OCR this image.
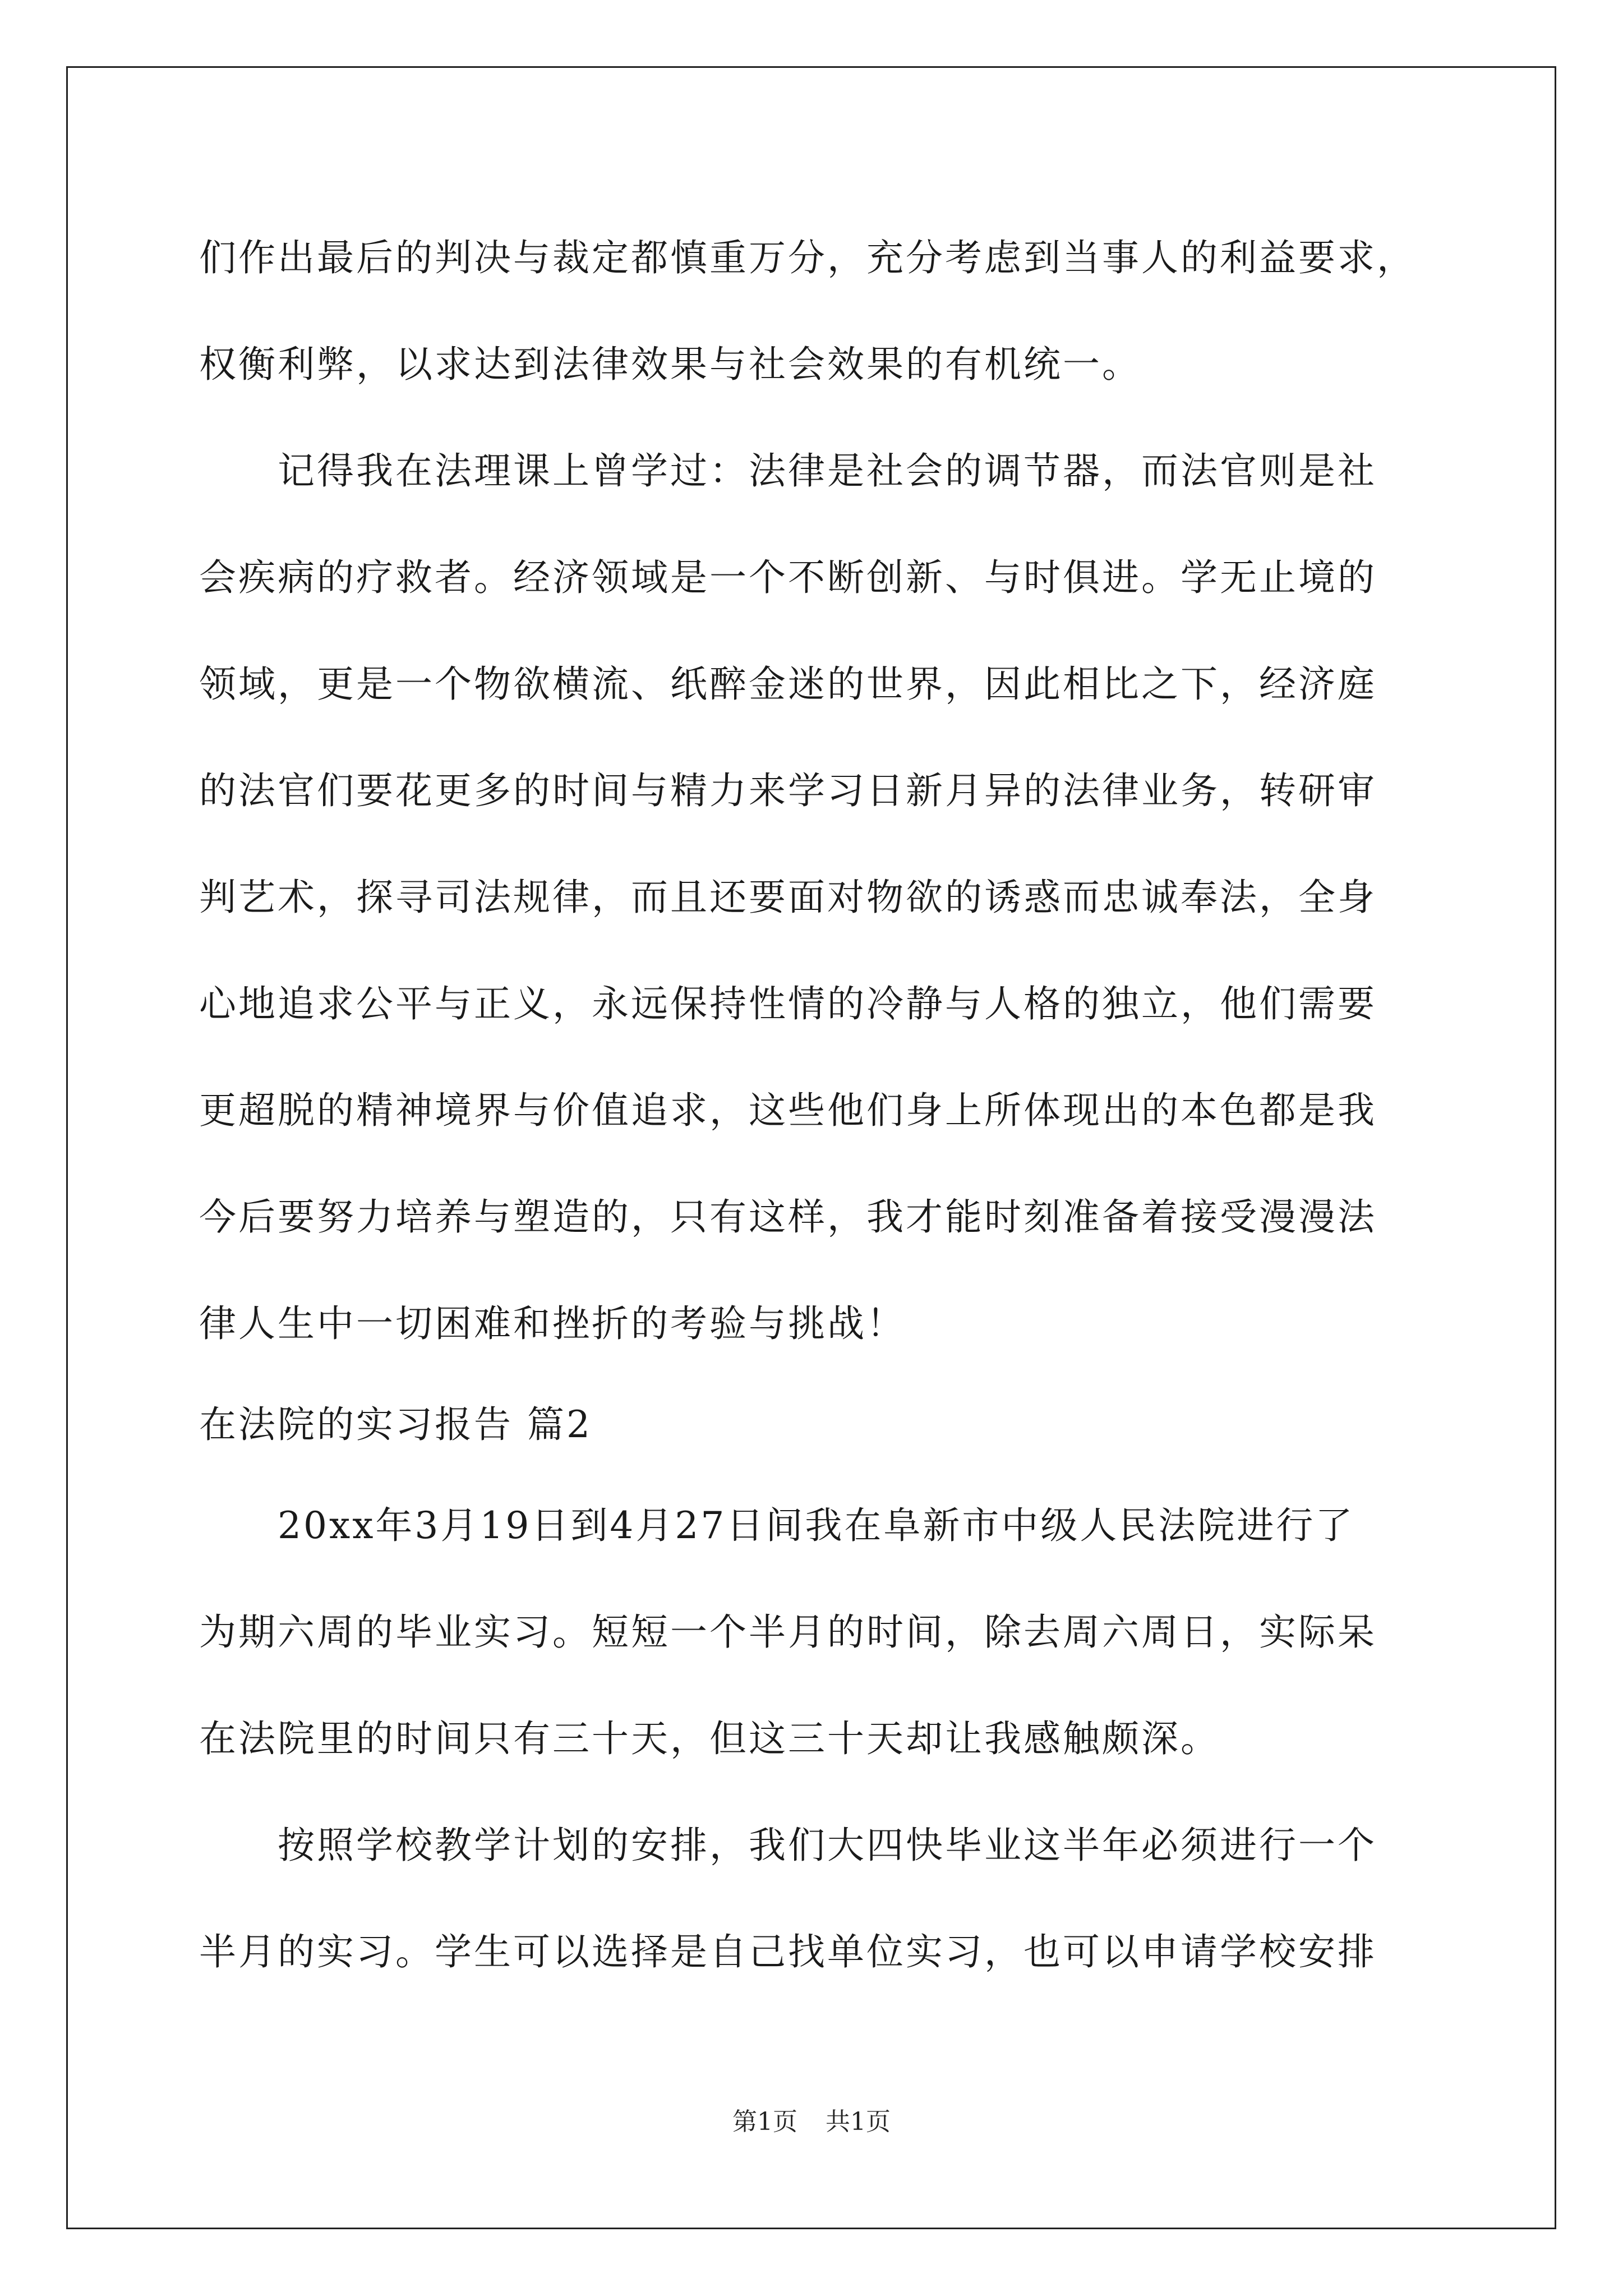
们作出最后的判决与裁定都慎重万分，充分考虑到当事人的利益要求，
权衡利弊，以求达到法律效果与社会效果的有机统一。
记得我在法理课上曾学过：法律是社会的调节器，而法官则是社
会疾病的疗救者。经济领域是一个不断创新、与时俱进。学无止境的
领域，更是一个物欲横流、纸醉金迷的世界，因此相比之下，经济庭
的法官们要花更多的时间与精力来学习日新月异的法律业务，转研审
判艺术，探寻司法规律，而且还要面对物欲的诱惑而忠诚奉法，全身
心地追求公平与正义，永远保持性情的冷静与人格的独立，他们需要
更超脱的精神境界与价值追求，这些他们身上所体现出的本色都是我
今后要努力培养与塑造的，只有这样，我才能时刻准备着接受漫漫法
律人生中一切困难和挫折的考验与挑战！
在法院的实习报告 篇2
20xx年3月19日到4月27日间我在阜新市中级人民法院进行了
为期六周的毕业实习。短短一个半月的时间，除去周六周日，实际呆
在法院里的时间只有三十天，但这三十天却让我感触颇深。
按照学校教学计划的安排，我们大四快毕业这半年必须进行一个
半月的实习。学生可以选择是自己找单位实习，也可以申请学校安排
第1页 共1页
